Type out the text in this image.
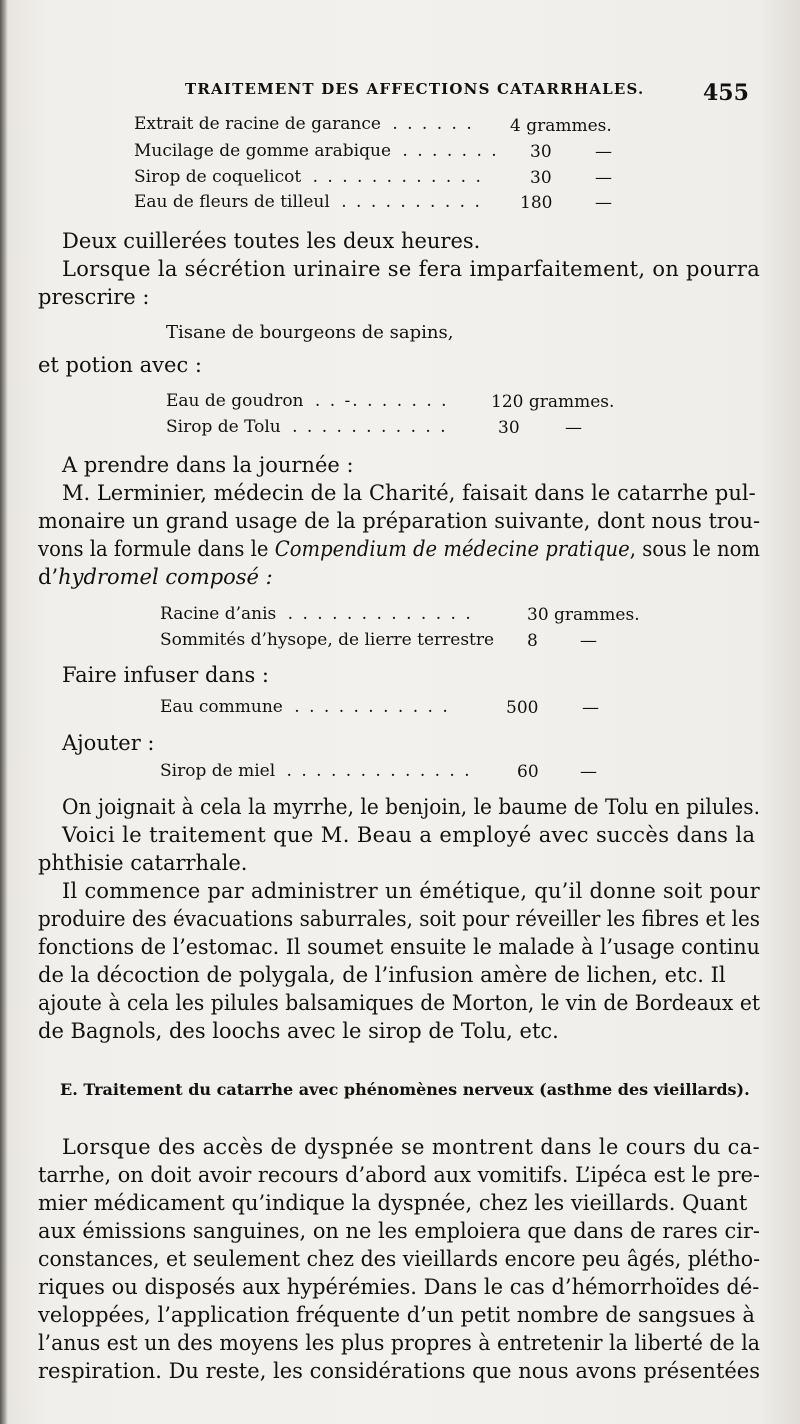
TRAITEMENT DES AFFECTIONS CATARRHALES.	455
Extrait de racine de garance . . . . . . 4 grammes.
Mucilage de gomme arabique . . . . . . . 30	—
Sirop de coquelicot . . . . . . . . . . . .	30	—
Eau de fleurs de tilleul . . . . . . . . . . 180	—
Deux cuillerées toutes les deux heures.
Lorsque la sécrétion urinaire se fera imparfaitement, on pourra
prescrire :
Tisane de bourgeons de sapins,
et potion avec :
Eau de goudron . . -. . . . . . . 120 grammes.
Sirop de Tolu . . . . . . . . . . .	30	—
A prendre dans la journée :
M. Lerminier, médecin de la Charité, faisait dans le catarrhe pul-
monaire un grand usage de la préparation suivante, dont nous trou-
vons la formule dans le Compendium de médecine pratique, sous le nom
d’hydromel composé :
Racine d’anis . . . . . . . . . . . . .	30 grammes.
Sommités d’hysope, de lierre terrestre 8 —
Faire infuser dans :
Eau commune . . . . . . . . . . .	500	—
Ajouter :
Sirop de miel . . . . . . . . . . . . .	60 —
On joignait à cela la myrrhe, le benjoin, le baume de Tolu en pilules.
Voici le traitement que M. Beau a employé avec succès dans la
phthisie catarrhale.
Il commence par administrer un émétique, qu’il donne soit pour
produire des évacuations saburrales, soit pour réveiller les fibres et les
fonctions de l’estomac. Il soumet ensuite le malade à l’usage continu
de la décoction de polygala, de l’infusion amère de lichen, etc. Il
ajoute à cela les pilules balsamiques de Morton, le vin de Bordeaux et
de Bagnols, des loochs avec le sirop de Tolu, etc.
E. Traitement du catarrhe avec phénomènes nerveux (asthme des vieillards).
Lorsque des accès de dyspnée se montrent dans le cours du ca-
tarrhe, on doit avoir recours d’abord aux vomitifs. L’ipéca est le pre-
mier médicament qu’indique la dyspnée, chez les vieillards. Quant
aux émissions sanguines, on ne les emploiera que dans de rares cir-
constances, et seulement chez des vieillards encore peu âgés, plétho-
riques ou disposés aux hypérémies. Dans le cas d’hémorrhoïdes dé-
veloppées, l’application fréquente d’un petit nombre de sangsues à
l’anus est un des moyens les plus propres à entretenir la liberté de la
respiration. Du reste, les considérations que nous avons présentées
